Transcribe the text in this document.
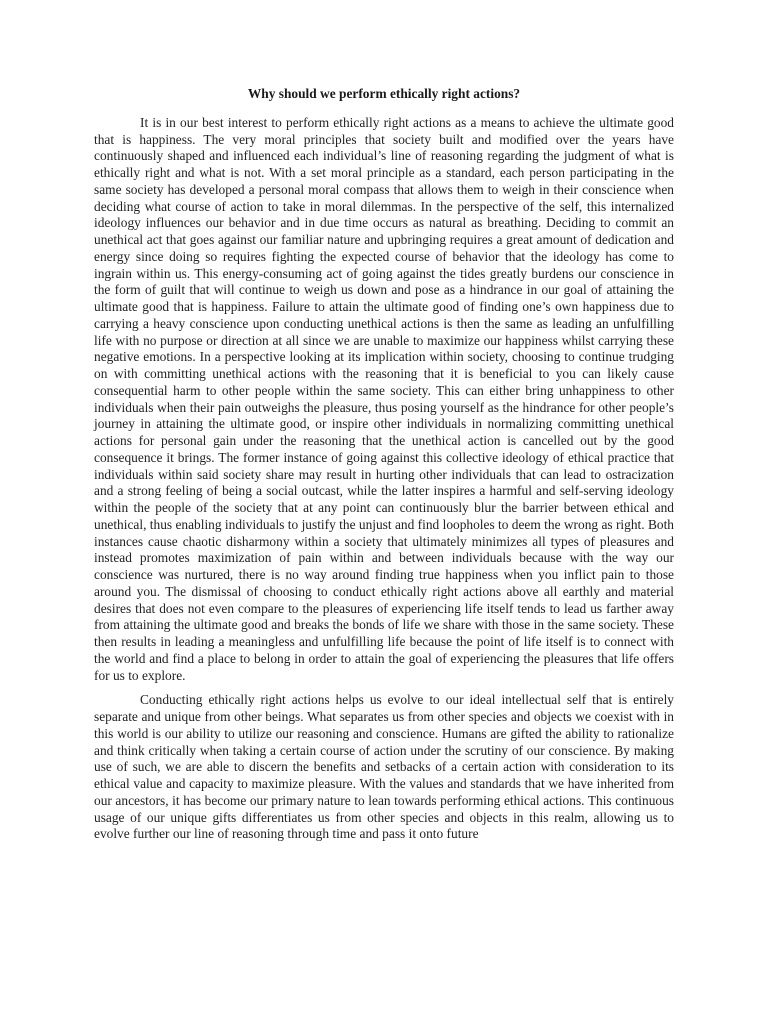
Why should we perform ethically right actions?

It is in our best interest to perform ethically right actions as a means to achieve the ultimate good that is happiness. The very moral principles that society built and modified over the years have continuously shaped and influenced each individual’s line of reasoning regarding the judgment of what is ethically right and what is not. With a set moral principle as a standard, each person participating in the same society has developed a personal moral compass that allows them to weigh in their conscience when deciding what course of action to take in moral dilemmas. In the perspective of the self, this internalized ideology influences our behavior and in due time occurs as natural as breathing. Deciding to commit an unethical act that goes against our familiar nature and upbringing requires a great amount of dedication and energy since doing so requires fighting the expected course of behavior that the ideology has come to ingrain within us. This energy-consuming act of going against the tides greatly burdens our conscience in the form of guilt that will continue to weigh us down and pose as a hindrance in our goal of attaining the ultimate good that is happiness. Failure to attain the ultimate good of finding one’s own happiness due to carrying a heavy conscience upon conducting unethical actions is then the same as leading an unfulfilling life with no purpose or direction at all since we are unable to maximize our happiness whilst carrying these negative emotions. In a perspective looking at its implication within society, choosing to continue trudging on with committing unethical actions with the reasoning that it is beneficial to you can likely cause consequential harm to other people within the same society. This can either bring unhappiness to other individuals when their pain outweighs the pleasure, thus posing yourself as the hindrance for other people’s journey in attaining the ultimate good, or inspire other individuals in normalizing committing unethical actions for personal gain under the reasoning that the unethical action is cancelled out by the good consequence it brings. The former instance of going against this collective ideology of ethical practice that individuals within said society share may result in hurting other individuals that can lead to ostracization and a strong feeling of being a social outcast, while the latter inspires a harmful and self-serving ideology within the people of the society that at any point can continuously blur the barrier between ethical and unethical, thus enabling individuals to justify the unjust and find loopholes to deem the wrong as right. Both instances cause chaotic disharmony within a society that ultimately minimizes all types of pleasures and instead promotes maximization of pain within and between individuals because with the way our conscience was nurtured, there is no way around finding true happiness when you inflict pain to those around you. The dismissal of choosing to conduct ethically right actions above all earthly and material desires that does not even compare to the pleasures of experiencing life itself tends to lead us farther away from attaining the ultimate good and breaks the bonds of life we share with those in the same society. These then results in leading a meaningless and unfulfilling life because the point of life itself is to connect with the world and find a place to belong in order to attain the goal of experiencing the pleasures that life offers for us to explore.

Conducting ethically right actions helps us evolve to our ideal intellectual self that is entirely separate and unique from other beings. What separates us from other species and objects we coexist with in this world is our ability to utilize our reasoning and conscience. Humans are gifted the ability to rationalize and think critically when taking a certain course of action under the scrutiny of our conscience. By making use of such, we are able to discern the benefits and setbacks of a certain action with consideration to its ethical value and capacity to maximize pleasure. With the values and standards that we have inherited from our ancestors, it has become our primary nature to lean towards performing ethical actions. This continuous usage of our unique gifts differentiates us from other species and objects in this realm, allowing us to evolve further our line of reasoning through time and pass it onto future
